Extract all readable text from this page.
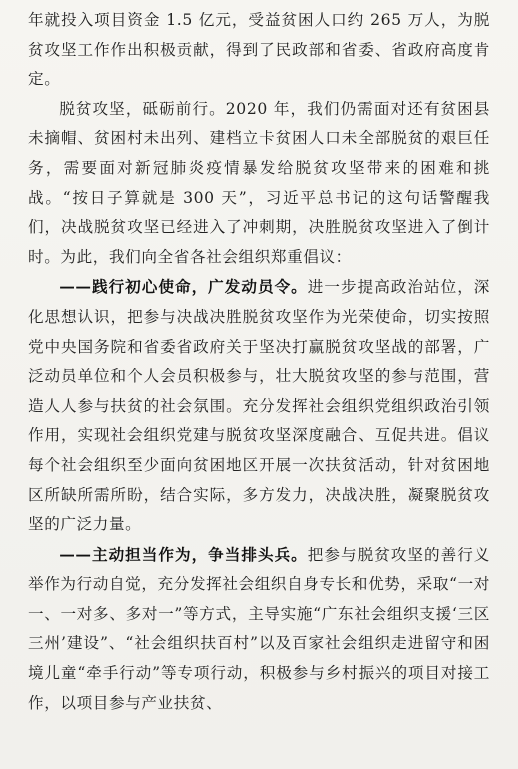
年就投入项目资金 1.5 亿元，受益贫困人口约 265 万人，为脱贫攻坚工作作出积极贡献，得到了民政部和省委、省政府高度肯定。

脱贫攻坚，砥砺前行。2020 年，我们仍需面对还有贫困县未摘帽、贫困村未出列、建档立卡贫困人口未全部脱贫的艰巨任务，需要面对新冠肺炎疫情暴发给脱贫攻坚带来的困难和挑战。“按日子算就是 300 天”，习近平总书记的这句话警醒我们，决战脱贫攻坚已经进入了冲刺期，决胜脱贫攻坚进入了倒计时。为此，我们向全省各社会组织郑重倡议：

——践行初心使命，广发动员令。进一步提高政治站位，深化思想认识，把参与决战决胜脱贫攻坚作为光荣使命，切实按照党中央国务院和省委省政府关于坚决打赢脱贫攻坚战的部署，广泛动员单位和个人会员积极参与，壮大脱贫攻坚的参与范围，营造人人参与扶贫的社会氛围。充分发挥社会组织党组织政治引领作用，实现社会组织党建与脱贫攻坚深度融合、互促共进。倡议每个社会组织至少面向贫困地区开展一次扶贫活动，针对贫困地区所缺所需所盼，结合实际，多方发力，决战决胜，凝聚脱贫攻坚的广泛力量。

——主动担当作为，争当排头兵。把参与脱贫攻坚的善行义举作为行动自觉，充分发挥社会组织自身专长和优势，采取“一对一、一对多、多对一”等方式，主导实施“广东社会组织支援‘三区三州’建设”、“社会组织扶百村”以及百家社会组织走进留守和困境儿童“牵手行动”等专项行动，积极参与乡村振兴的项目对接工作，以项目参与产业扶贫、
